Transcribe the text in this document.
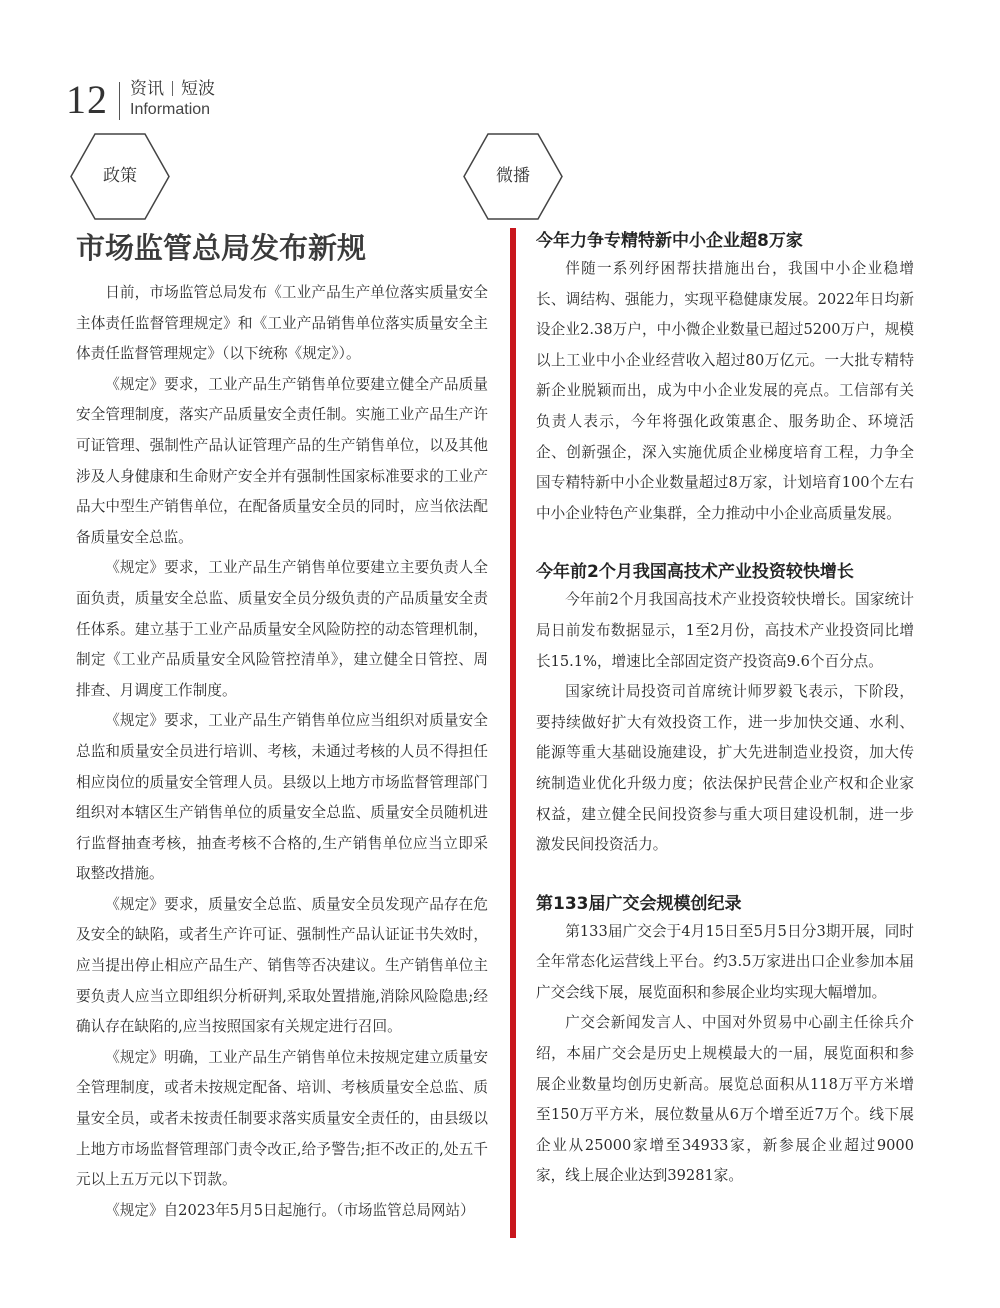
12 资讯 短波
Information
政策	微播
市场监管总局发布新规

日前，市场监管总局发布《工业产品生产单位落实质量安全主体责任监督管理规定》和《工业产品销售单位落实质量安全主体责任监督管理规定》（以下统称《规定》）。

《规定》要求，工业产品生产销售单位要建立健全产品质量安全管理制度，落实产品质量安全责任制。实施工业产品生产许可证管理、强制性产品认证管理产品的生产销售单位，以及其他涉及人身健康和生命财产安全并有强制性国家标准要求的工业产品大中型生产销售单位，在配备质量安全员的同时，应当依法配备质量安全总监。

《规定》要求，工业产品生产销售单位要建立主要负责人全面负责，质量安全总监、质量安全员分级负责的产品质量安全责任体系。建立基于工业产品质量安全风险防控的动态管理机制，制定《工业产品质量安全风险管控清单》，建立健全日管控、周排查、月调度工作制度。

《规定》要求，工业产品生产销售单位应当组织对质量安全总监和质量安全员进行培训、考核，未通过考核的人员不得担任相应岗位的质量安全管理人员。县级以上地方市场监督管理部门组织对本辖区生产销售单位的质量安全总监、质量安全员随机进行监督抽查考核，抽查考核不合格的,生产销售单位应当立即采取整改措施。

《规定》要求，质量安全总监、质量安全员发现产品存在危及安全的缺陷，或者生产许可证、强制性产品认证证书失效时，应当提出停止相应产品生产、销售等否决建议。生产销售单位主要负责人应当立即组织分析研判,采取处置措施,消除风险隐患;经确认存在缺陷的,应当按照国家有关规定进行召回。

《规定》明确，工业产品生产销售单位未按规定建立质量安全管理制度，或者未按规定配备、培训、考核质量安全总监、质量安全员，或者未按责任制要求落实质量安全责任的，由县级以上地方市场监督管理部门责令改正,给予警告;拒不改正的,处五千元以上五万元以下罚款。

《规定》自2023年5月5日起施行。（市场监管总局网站）

今年力争专精特新中小企业超8万家

伴随一系列纾困帮扶措施出台，我国中小企业稳增长、调结构、强能力，实现平稳健康发展。2022年日均新设企业2.38万户，中小微企业数量已超过5200万户，规模以上工业中小企业经营收入超过80万亿元。一大批专精特新企业脱颖而出，成为中小企业发展的亮点。工信部有关负责人表示，今年将强化政策惠企、服务助企、环境活企、创新强企，深入实施优质企业梯度培育工程，力争全国专精特新中小企业数量超过8万家，计划培育100个左右中小企业特色产业集群，全力推动中小企业高质量发展。

今年前2个月我国高技术产业投资较快增长

今年前2个月我国高技术产业投资较快增长。国家统计局日前发布数据显示，1至2月份，高技术产业投资同比增长15.1%，增速比全部固定资产投资高9.6个百分点。

国家统计局投资司首席统计师罗毅飞表示，下阶段，要持续做好扩大有效投资工作，进一步加快交通、水利、能源等重大基础设施建设，扩大先进制造业投资，加大传统制造业优化升级力度；依法保护民营企业产权和企业家权益，建立健全民间投资参与重大项目建设机制，进一步激发民间投资活力。

第133届广交会规模创纪录

第133届广交会于4月15日至5月5日分3期开展，同时全年常态化运营线上平台。约3.5万家进出口企业参加本届广交会线下展，展览面积和参展企业均实现大幅增加。

广交会新闻发言人、中国对外贸易中心副主任徐兵介绍，本届广交会是历史上规模最大的一届，展览面积和参展企业数量均创历史新高。展览总面积从118万平方米增至150万平方米，展位数量从6万个增至近7万个。线下展企业从25000家增至34933家，新参展企业超过9000家，线上展企业达到39281家。
